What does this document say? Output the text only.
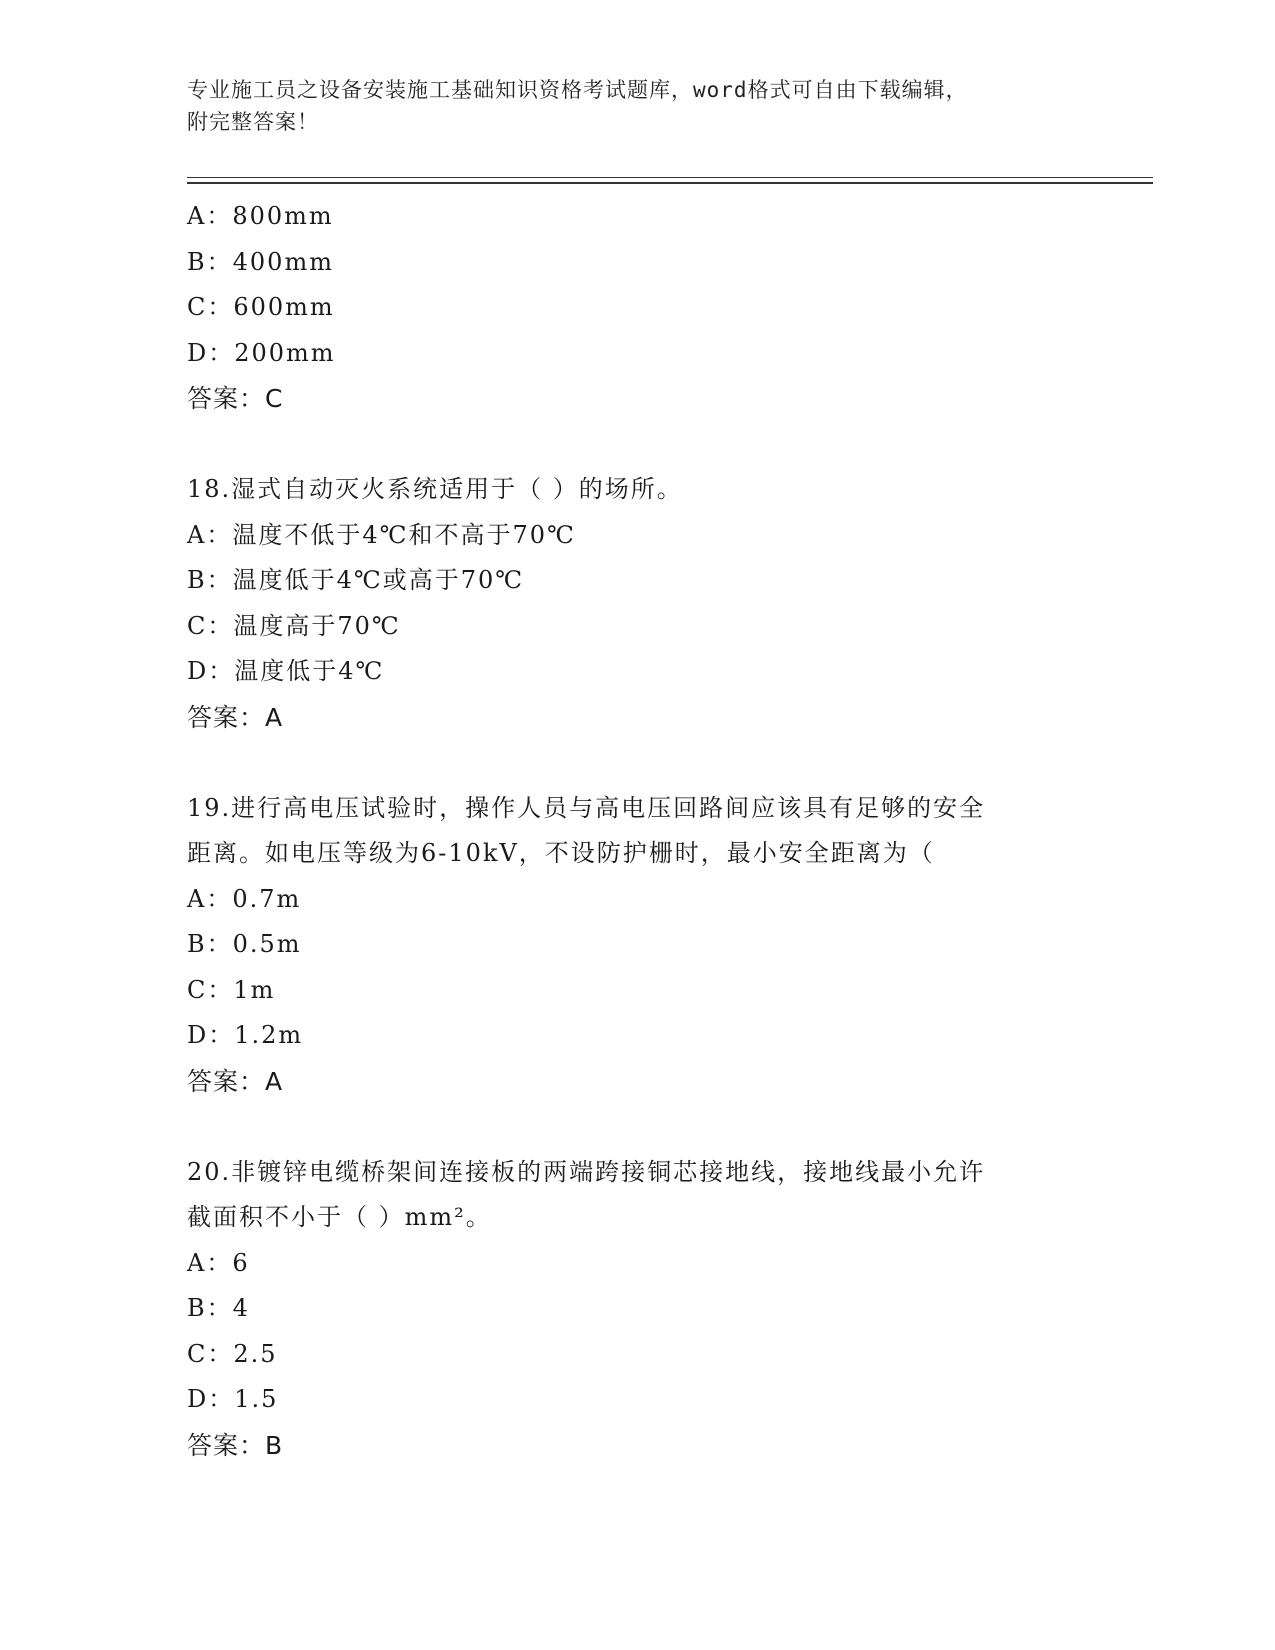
专业施工员之设备安装施工基础知识资格考试题库，word格式可自由下载编辑，
附完整答案！
A：800mm
B：400mm
C：600mm
D：200mm
答案：C
18.湿式自动灭火系统适用于（ ）的场所。
A：温度不低于4℃和不高于70℃
B：温度低于4℃或高于70℃
C：温度高于70℃
D：温度低于4℃
答案：A
19.进行高电压试验时，操作人员与高电压回路间应该具有足够的安全
距离。如电压等级为6-10kV，不设防护栅时，最小安全距离为（
A：0.7m
B：0.5m
C：1m
D：1.2m
答案：A
20.非镀锌电缆桥架间连接板的两端跨接铜芯接地线，接地线最小允许
截面积不小于（ ）mm²。
A：6
B：4
C：2.5
D：1.5
答案：B
